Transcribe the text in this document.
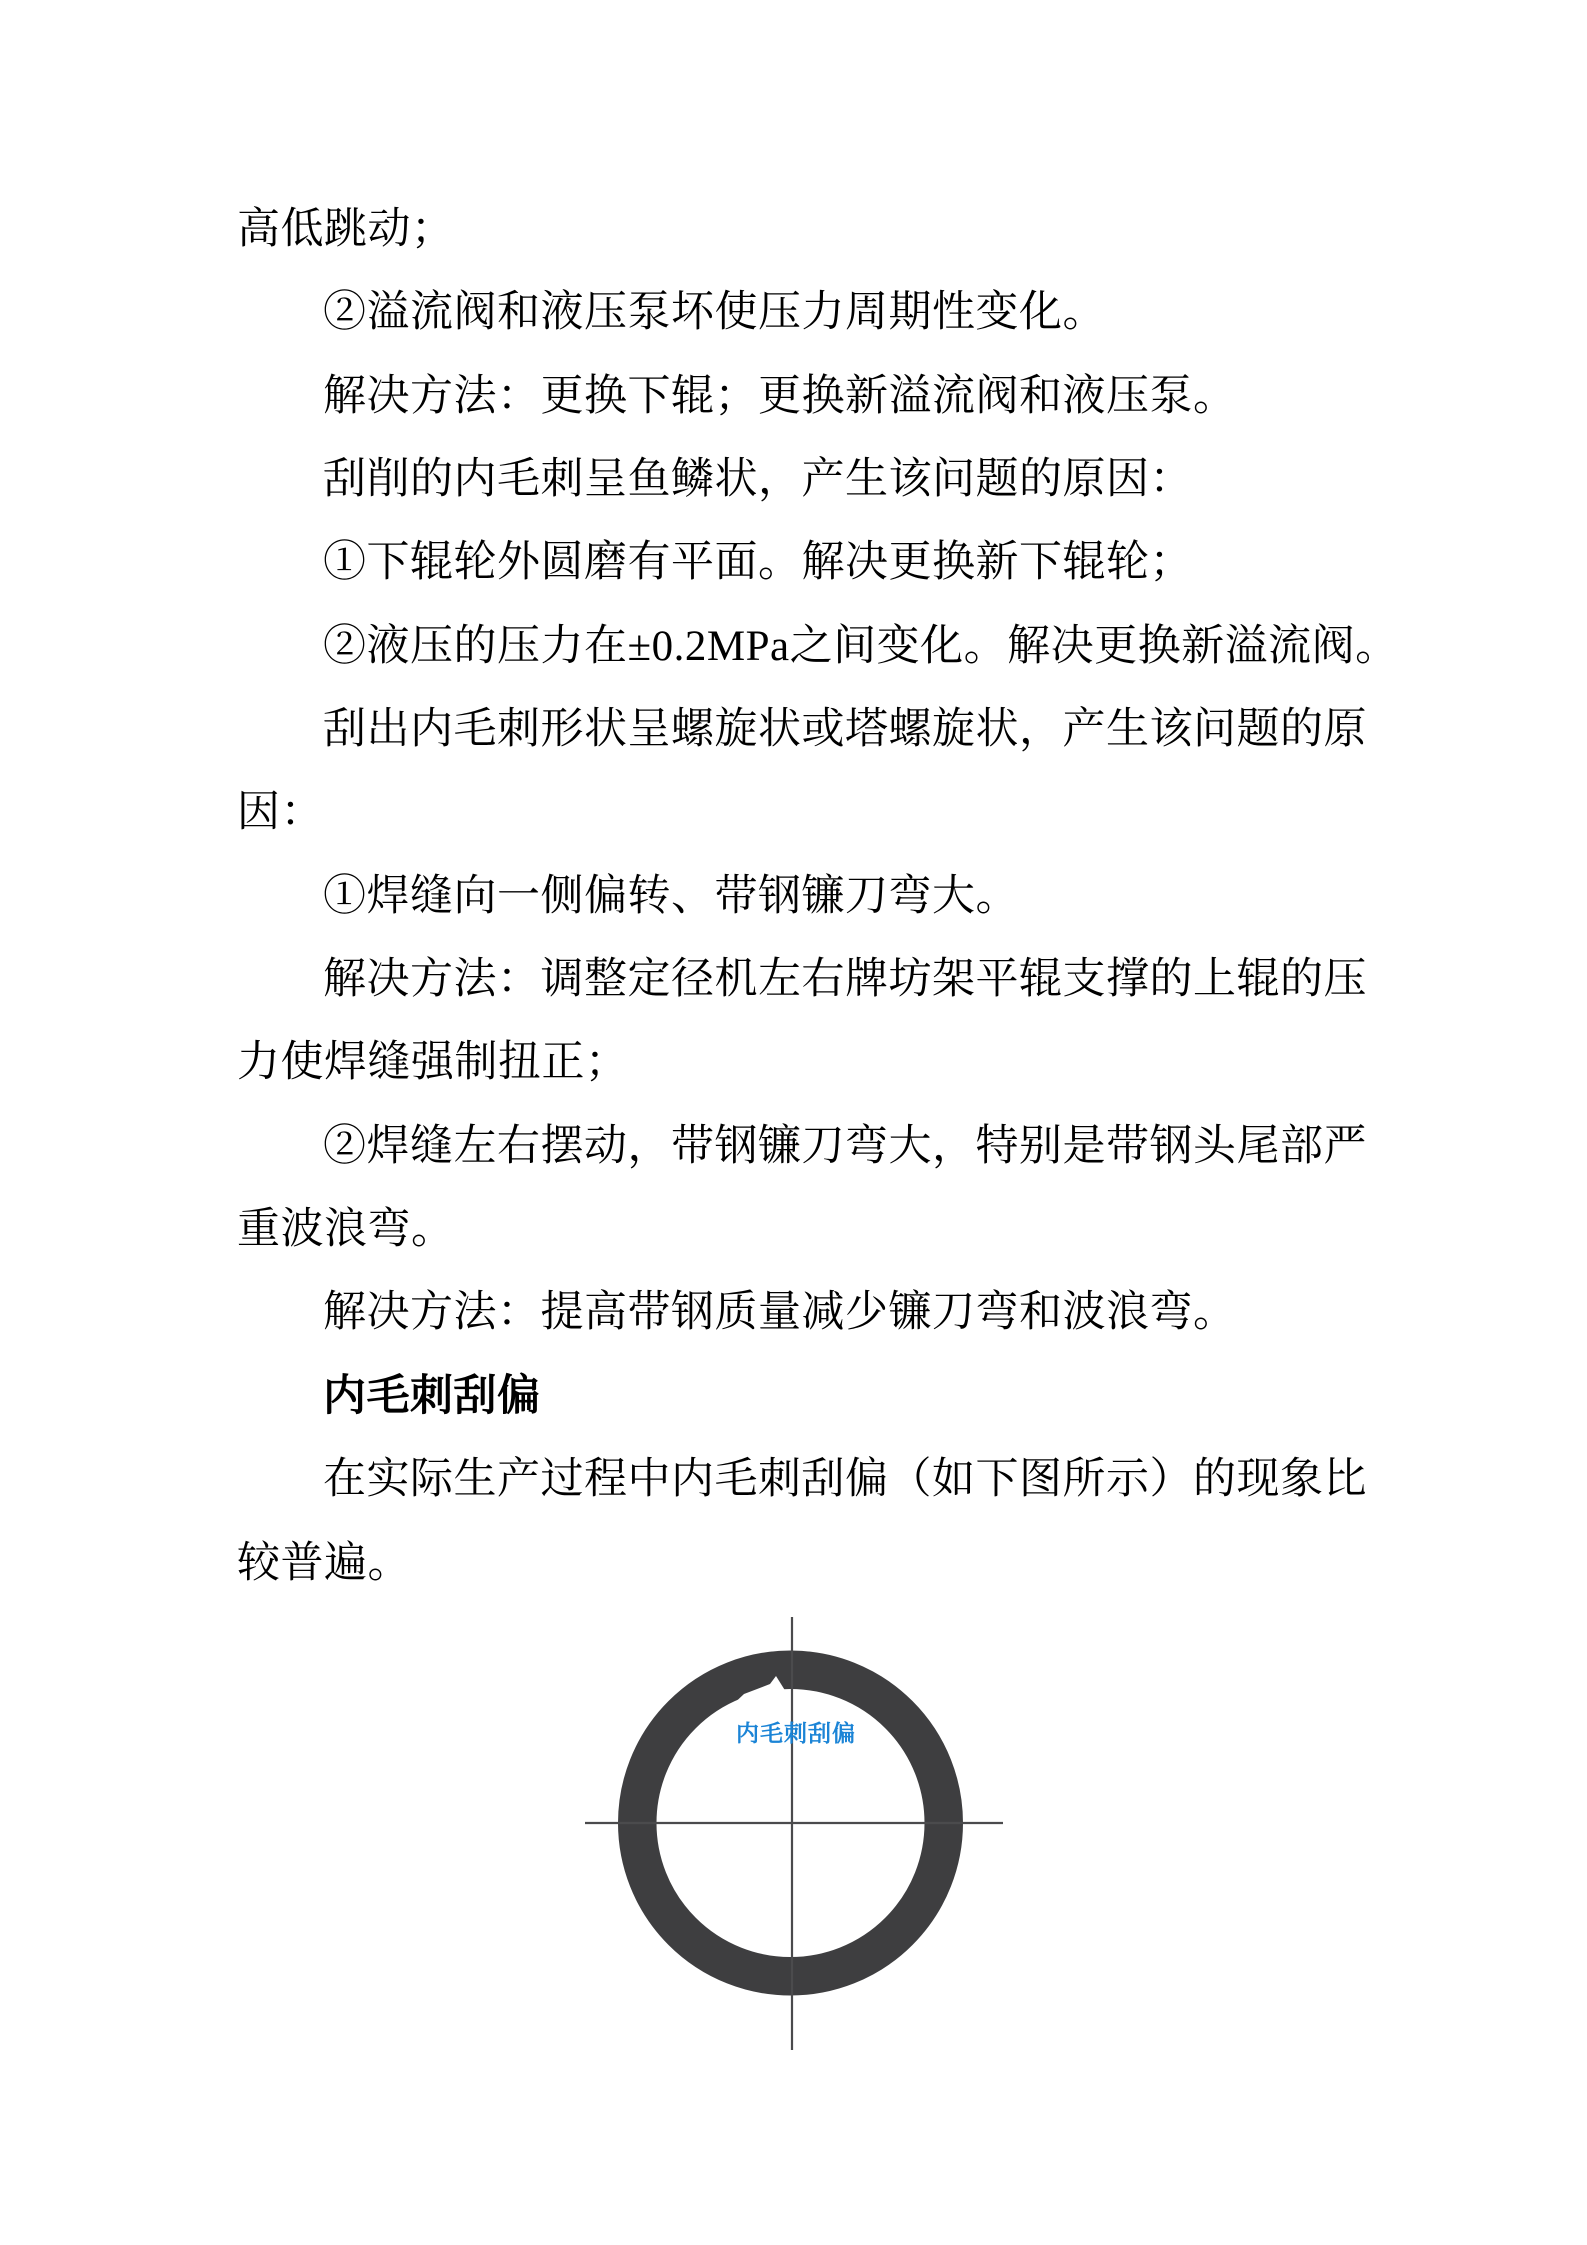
高低跳动；
②溢流阀和液压泵坏使压力周期性变化。
解决方法：更换下辊；更换新溢流阀和液压泵。
刮削的内毛刺呈鱼鳞状，产生该问题的原因：
①下辊轮外圆磨有平面。解决更换新下辊轮；
②液压的压力在±0.2MPa之间变化。解决更换新溢流阀。
刮出内毛刺形状呈螺旋状或塔螺旋状，产生该问题的原
因：
①焊缝向一侧偏转、带钢镰刀弯大。
解决方法：调整定径机左右牌坊架平辊支撑的上辊的压
力使焊缝强制扭正；
②焊缝左右摆动，带钢镰刀弯大，特别是带钢头尾部严
重波浪弯。
解决方法：提高带钢质量减少镰刀弯和波浪弯。
内毛刺刮偏
在实际生产过程中内毛刺刮偏（如下图所示）的现象比
较普遍。
内毛刺刮偏
